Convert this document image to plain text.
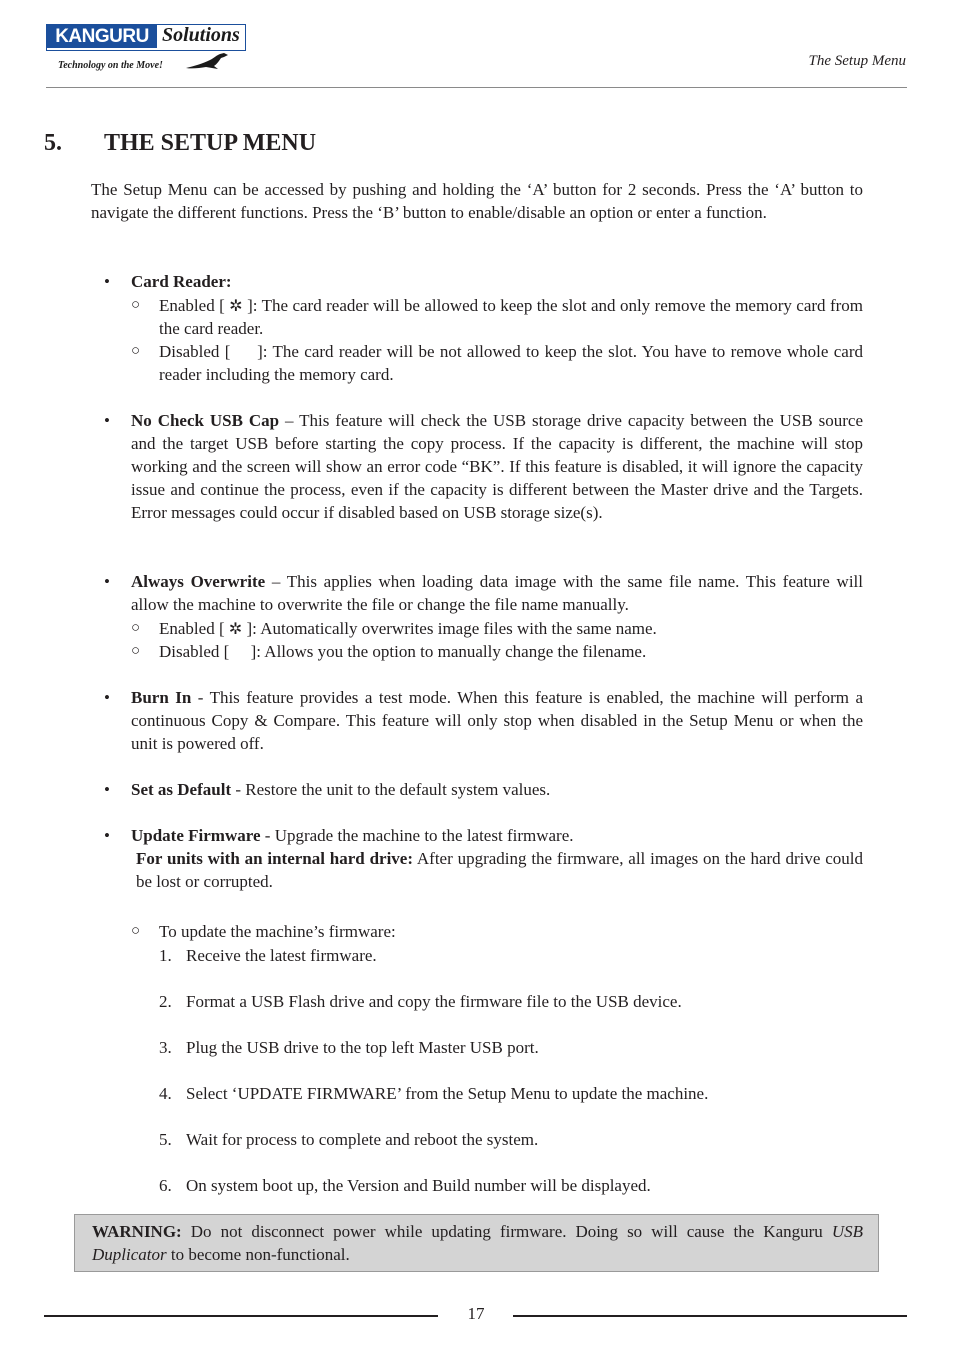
KANGURU Solutions
Technology on the Move!	The Setup Menu
5. THE SETUP MENU
The Setup Menu can be accessed by pushing and holding the ‘A’ button for 2 seconds. Press the ‘A’ button to navigate the different functions. Press the ‘B’ button to enable/disable an option or enter a function.
• Card Reader:
○ Enabled [ ✲ ]: The card reader will be allowed to keep the slot and only remove the memory card from the card reader.
○ Disabled [ ]: The card reader will be not allowed to keep the slot. You have to remove whole card reader including the memory card.
• No Check USB Cap – This feature will check the USB storage drive capacity between the USB source and the target USB before starting the copy process. If the capacity is different, the machine will stop working and the screen will show an error code “BK”. If this feature is disabled, it will ignore the capacity issue and continue the process, even if the capacity is different between the Master drive and the Targets. Error messages could occur if disabled based on USB storage size(s).
• Always Overwrite – This applies when loading data image with the same file name. This feature will allow the machine to overwrite the file or change the file name manually.
○ Enabled [ ✲ ]: Automatically overwrites image files with the same name.
○ Disabled [ ]: Allows you the option to manually change the filename.
• Burn In - This feature provides a test mode. When this feature is enabled, the machine will perform a continuous Copy & Compare. This feature will only stop when disabled in the Setup Menu or when the unit is powered off.
• Set as Default - Restore the unit to the default system values.
• Update Firmware - Upgrade the machine to the latest firmware.
For units with an internal hard drive: After upgrading the firmware, all images on the hard drive could be lost or corrupted.
○ To update the machine’s firmware:
1. Receive the latest firmware.
2. Format a USB Flash drive and copy the firmware file to the USB device.
3. Plug the USB drive to the top left Master USB port.
4. Select ‘UPDATE FIRMWARE’ from the Setup Menu to update the machine.
5. Wait for process to complete and reboot the system.
6. On system boot up, the Version and Build number will be displayed.
WARNING: Do not disconnect power while updating firmware. Doing so will cause the Kanguru USB Duplicator to become non-functional.
17
